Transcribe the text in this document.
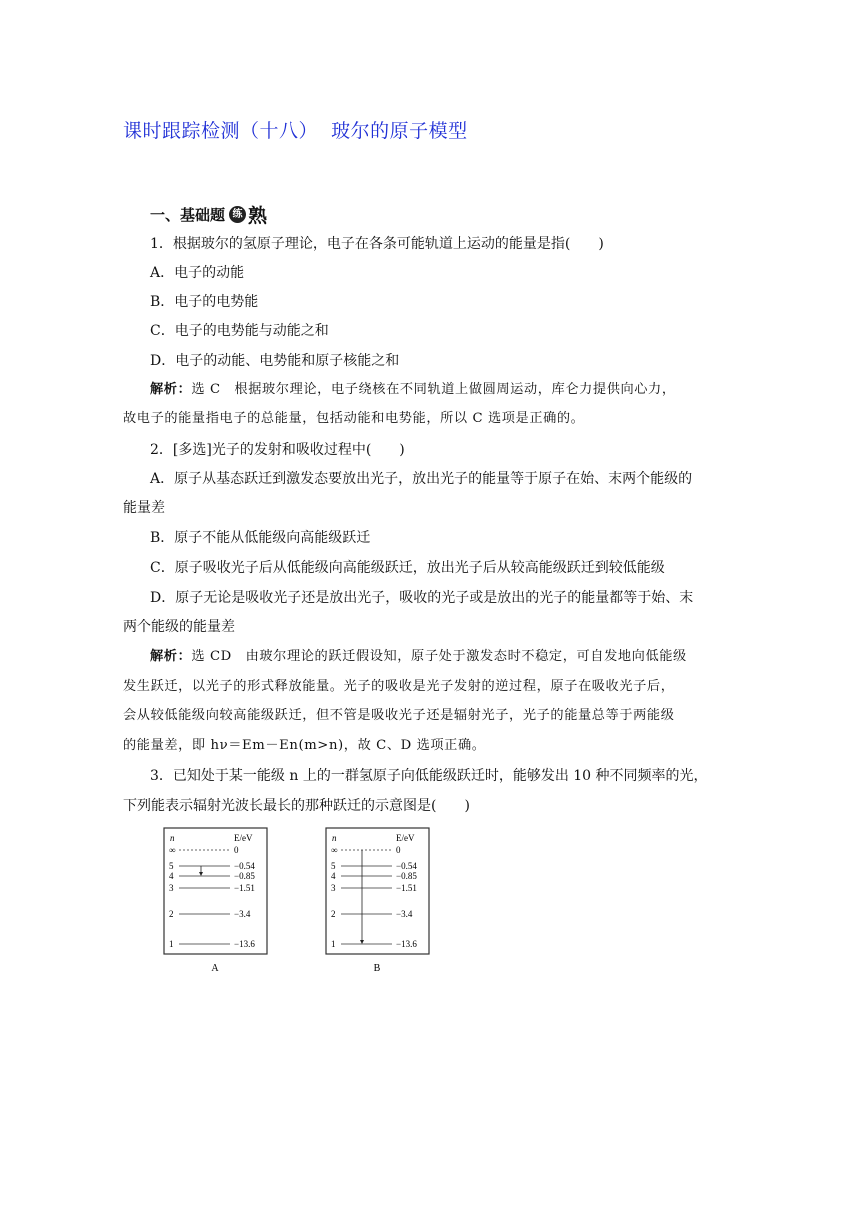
课时跟踪检测（十八）  玻尔的原子模型
一、基础题 练 熟
1．根据玻尔的氢原子理论，电子在各条可能轨道上运动的能量是指(　　)
A．电子的动能
B．电子的电势能
C．电子的电势能与动能之和
D．电子的动能、电势能和原子核能之和
解析：选 C　根据玻尔理论，电子绕核在不同轨道上做圆周运动，库仑力提供向心力，
故电子的能量指电子的总能量，包括动能和电势能，所以 C 选项是正确的。
2．[多选]光子的发射和吸收过程中(　　)
A．原子从基态跃迁到激发态要放出光子，放出光子的能量等于原子在始、末两个能级的
能量差
B．原子不能从低能级向高能级跃迁
C．原子吸收光子后从低能级向高能级跃迁，放出光子后从较高能级跃迁到较低能级
D．原子无论是吸收光子还是放出光子，吸收的光子或是放出的光子的能量都等于始、末
两个能级的能量差
解析：选 CD　由玻尔理论的跃迁假设知，原子处于激发态时不稳定，可自发地向低能级
发生跃迁，以光子的形式释放能量。光子的吸收是光子发射的逆过程，原子在吸收光子后，
会从较低能级向较高能级跃迁，但不管是吸收光子还是辐射光子，光子的能量总等于两能级
的能量差，即 hν＝Em－En(m>n)，故 C、D 选项正确。
3．已知处于某一能级 n 上的一群氢原子向低能级跃迁时，能够发出 10 种不同频率的光，
下列能表示辐射光波长最长的那种跃迁的示意图是(　　)
n	E/eV
∞	0
5	−0.54
4	−0.85
3	−1.51
2	−3.4
1	−13.6
A
n	E/eV
∞	0
5	−0.54
4	−0.85
3	−1.51
2	−3.4
1	−13.6
B
